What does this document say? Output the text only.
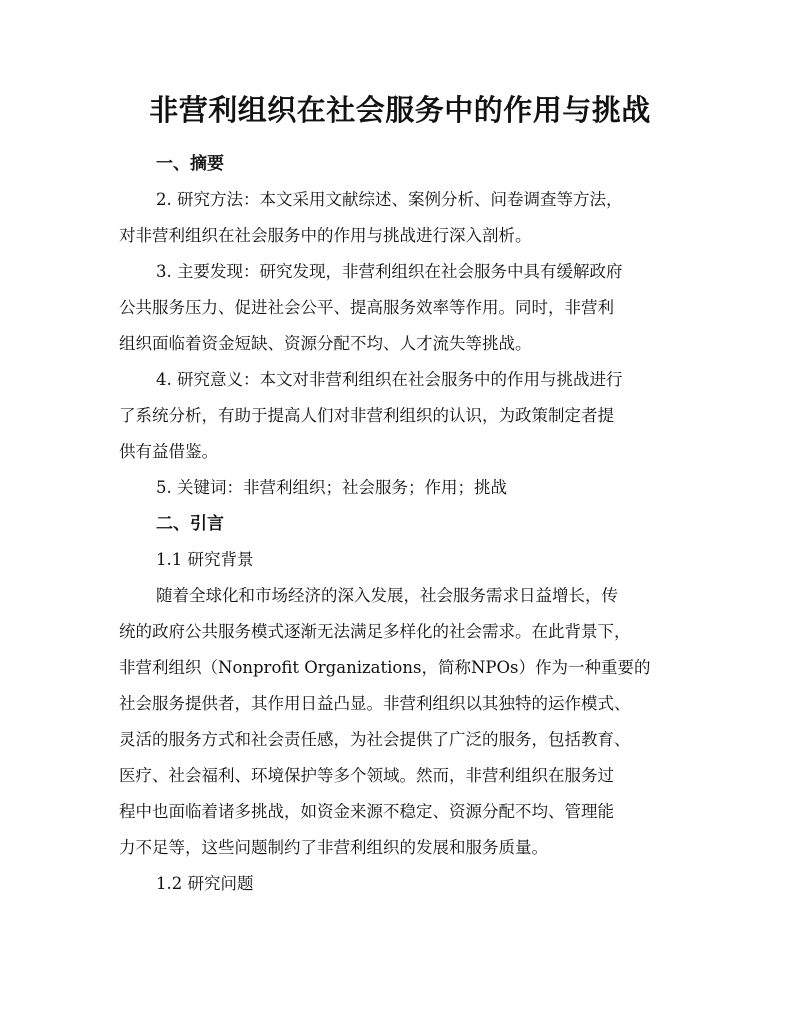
非营利组织在社会服务中的作用与挑战
一、摘要
2. 研究方法：本文采用文献综述、案例分析、问卷调查等方法，
对非营利组织在社会服务中的作用与挑战进行深入剖析。
3. 主要发现：研究发现，非营利组织在社会服务中具有缓解政府
公共服务压力、促进社会公平、提高服务效率等作用。同时，非营利
组织面临着资金短缺、资源分配不均、人才流失等挑战。
4. 研究意义：本文对非营利组织在社会服务中的作用与挑战进行
了系统分析，有助于提高人们对非营利组织的认识，为政策制定者提
供有益借鉴。
5. 关键词：非营利组织；社会服务；作用；挑战
二、引言
1.1 研究背景
随着全球化和市场经济的深入发展，社会服务需求日益增长，传
统的政府公共服务模式逐渐无法满足多样化的社会需求。在此背景下，
非营利组织（Nonprofit Organizations，简称NPOs）作为一种重要的
社会服务提供者，其作用日益凸显。非营利组织以其独特的运作模式、
灵活的服务方式和社会责任感，为社会提供了广泛的服务，包括教育、
医疗、社会福利、环境保护等多个领域。然而，非营利组织在服务过
程中也面临着诸多挑战，如资金来源不稳定、资源分配不均、管理能
力不足等，这些问题制约了非营利组织的发展和服务质量。
1.2 研究问题
